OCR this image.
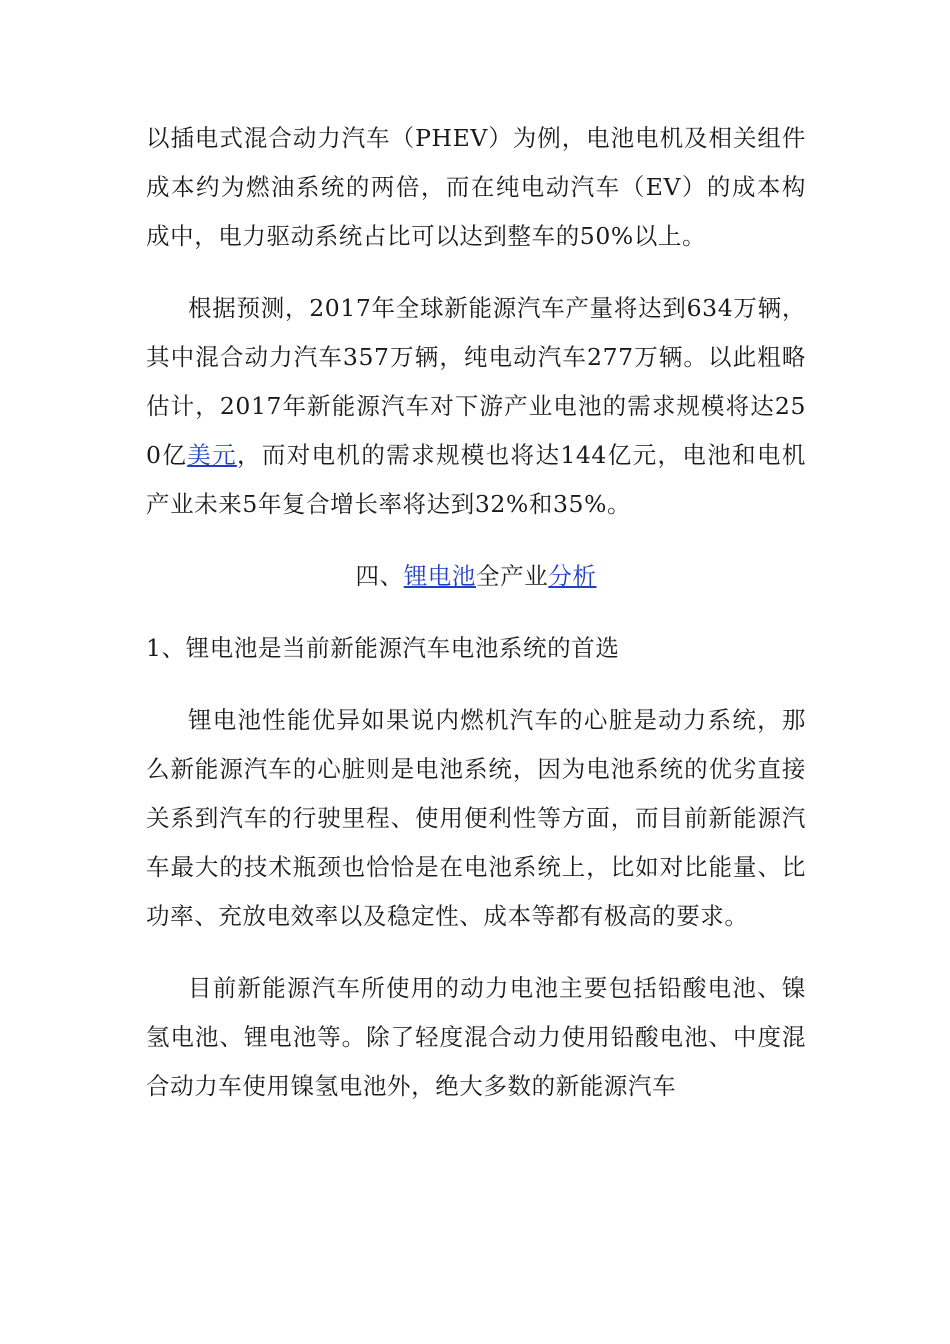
以插电式混合动力汽车（PHEV）为例，电池电机及相关组件成本约为燃油系统的两倍，而在纯电动汽车（EV）的成本构成中，电力驱动系统占比可以达到整车的50%以上。

根据预测，2017年全球新能源汽车产量将达到634万辆，其中混合动力汽车357万辆，纯电动汽车277万辆。以此粗略估计，2017年新能源汽车对下游产业电池的需求规模将达250亿美元，而对电机的需求规模也将达144亿元，电池和电机产业未来5年复合增长率将达到32%和35%。

四、锂电池全产业分析

1、锂电池是当前新能源汽车电池系统的首选

锂电池性能优异如果说内燃机汽车的心脏是动力系统，那么新能源汽车的心脏则是电池系统，因为电池系统的优劣直接关系到汽车的行驶里程、使用便利性等方面，而目前新能源汽车最大的技术瓶颈也恰恰是在电池系统上，比如对比能量、比功率、充放电效率以及稳定性、成本等都有极高的要求。

目前新能源汽车所使用的动力电池主要包括铅酸电池、镍氢电池、锂电池等。除了轻度混合动力使用铅酸电池、中度混合动力车使用镍氢电池外，绝大多数的新能源汽车
